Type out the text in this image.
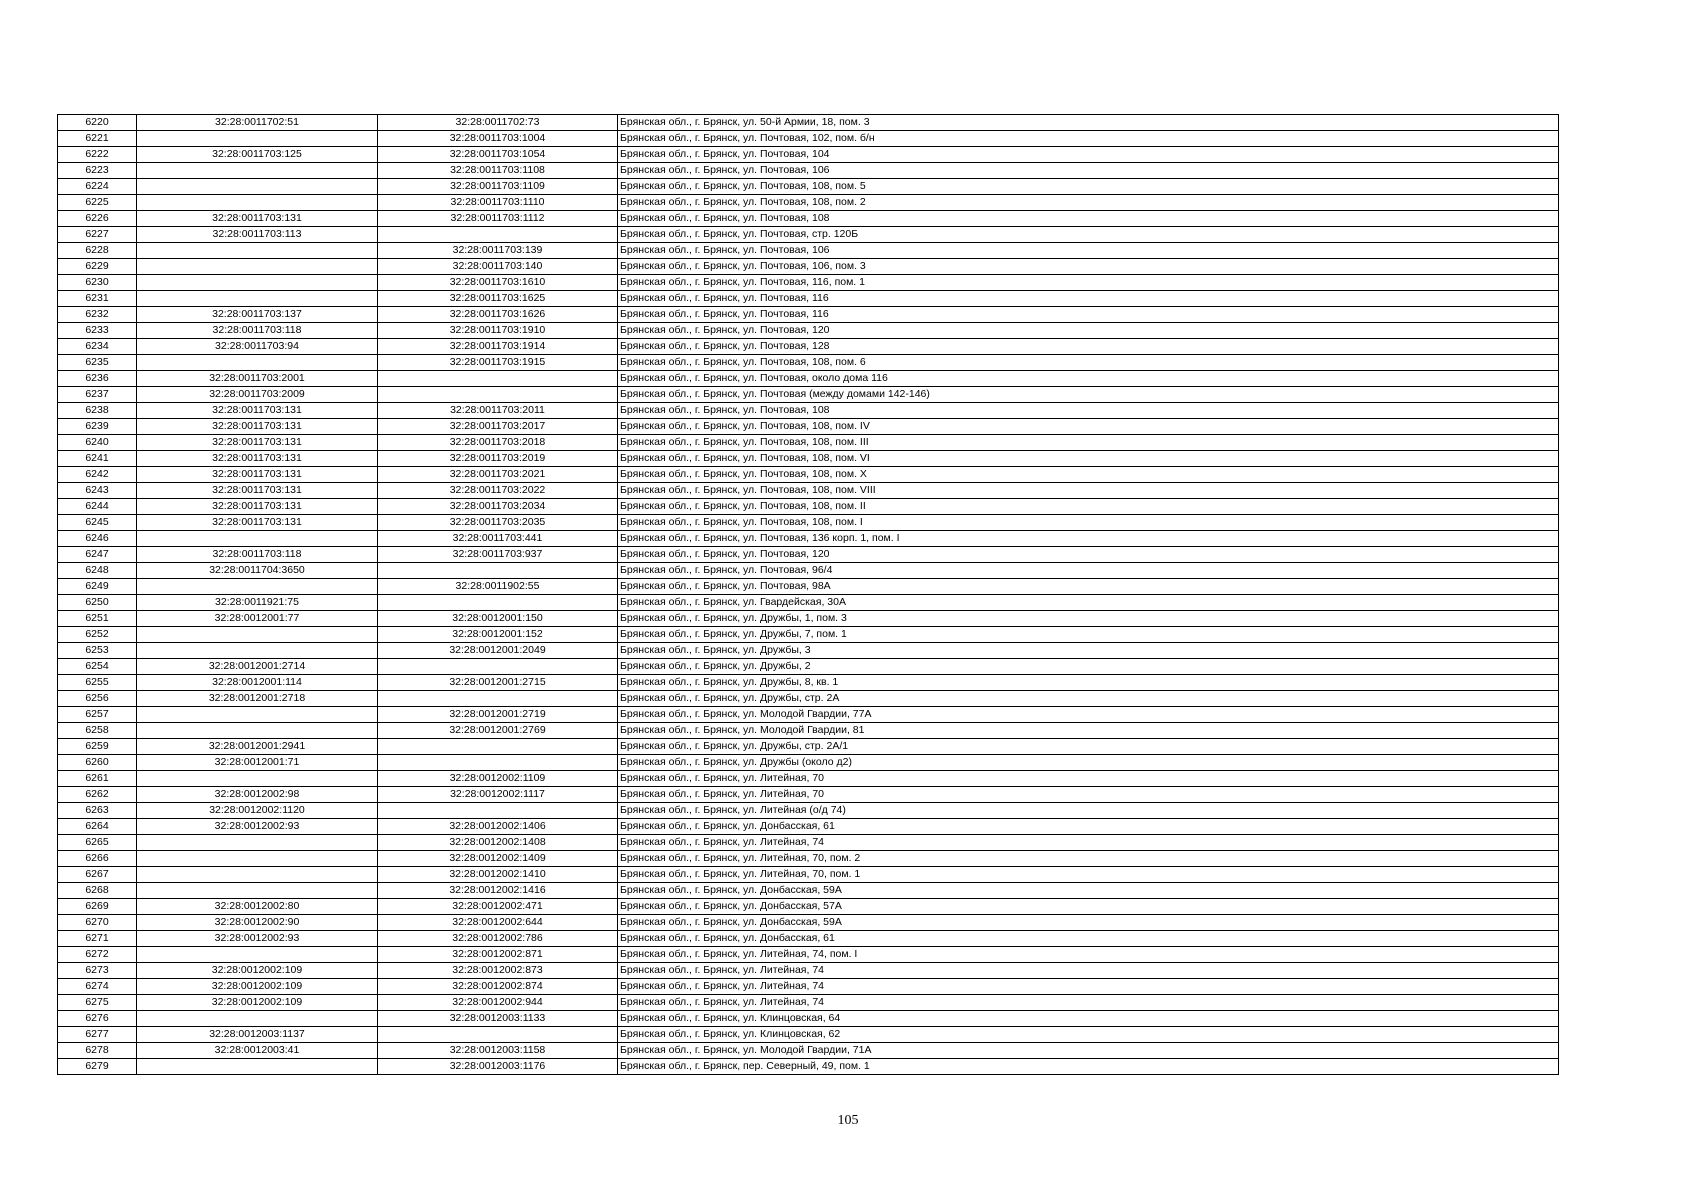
6220	32:28:0011702:51	32:28:0011702:73	Брянская обл., г. Брянск, ул. 50-й Армии, 18, пом. 3
6221		32:28:0011703:1004	Брянская обл., г. Брянск, ул. Почтовая, 102, пом. б/н
6222	32:28:0011703:125	32:28:0011703:1054	Брянская обл., г. Брянск, ул. Почтовая, 104
6223		32:28:0011703:1108	Брянская обл., г. Брянск, ул. Почтовая, 106
6224		32:28:0011703:1109	Брянская обл., г. Брянск, ул. Почтовая, 108, пом. 5
6225		32:28:0011703:1110	Брянская обл., г. Брянск, ул. Почтовая, 108, пом. 2
6226	32:28:0011703:131	32:28:0011703:1112	Брянская обл., г. Брянск, ул. Почтовая, 108
6227	32:28:0011703:113		Брянская обл., г. Брянск, ул. Почтовая, стр. 120Б
6228		32:28:0011703:139	Брянская обл., г. Брянск, ул. Почтовая, 106
6229		32:28:0011703:140	Брянская обл., г. Брянск, ул. Почтовая, 106, пом. 3
6230		32:28:0011703:1610	Брянская обл., г. Брянск, ул. Почтовая, 116, пом. 1
6231		32:28:0011703:1625	Брянская обл., г. Брянск, ул. Почтовая, 116
6232	32:28:0011703:137	32:28:0011703:1626	Брянская обл., г. Брянск, ул. Почтовая, 116
6233	32:28:0011703:118	32:28:0011703:1910	Брянская обл., г. Брянск, ул. Почтовая, 120
6234	32:28:0011703:94	32:28:0011703:1914	Брянская обл., г. Брянск, ул. Почтовая, 128
6235		32:28:0011703:1915	Брянская обл., г. Брянск, ул. Почтовая, 108, пом. 6
6236	32:28:0011703:2001		Брянская обл., г. Брянск, ул. Почтовая, около дома 116
6237	32:28:0011703:2009		Брянская обл., г. Брянск, ул. Почтовая (между домами 142-146)
6238	32:28:0011703:131	32:28:0011703:2011	Брянская обл., г. Брянск, ул. Почтовая, 108
6239	32:28:0011703:131	32:28:0011703:2017	Брянская обл., г. Брянск, ул. Почтовая, 108, пом. IV
6240	32:28:0011703:131	32:28:0011703:2018	Брянская обл., г. Брянск, ул. Почтовая, 108, пом. III
6241	32:28:0011703:131	32:28:0011703:2019	Брянская обл., г. Брянск, ул. Почтовая, 108, пом. VI
6242	32:28:0011703:131	32:28:0011703:2021	Брянская обл., г. Брянск, ул. Почтовая, 108, пом. X
6243	32:28:0011703:131	32:28:0011703:2022	Брянская обл., г. Брянск, ул. Почтовая, 108, пом. VIII
6244	32:28:0011703:131	32:28:0011703:2034	Брянская обл., г. Брянск, ул. Почтовая, 108, пом. II
6245	32:28:0011703:131	32:28:0011703:2035	Брянская обл., г. Брянск, ул. Почтовая, 108, пом. I
6246		32:28:0011703:441	Брянская обл., г. Брянск, ул. Почтовая, 136 корп. 1, пом. I
6247	32:28:0011703:118	32:28:0011703:937	Брянская обл., г. Брянск, ул. Почтовая, 120
6248	32:28:0011704:3650		Брянская обл., г. Брянск, ул. Почтовая, 96/4
6249		32:28:0011902:55	Брянская обл., г. Брянск, ул. Почтовая, 98А
6250	32:28:0011921:75		Брянская обл., г. Брянск, ул. Гвардейская, 30А
6251	32:28:0012001:77	32:28:0012001:150	Брянская обл., г. Брянск, ул. Дружбы, 1, пом. 3
6252		32:28:0012001:152	Брянская обл., г. Брянск, ул. Дружбы, 7, пом. 1
6253		32:28:0012001:2049	Брянская обл., г. Брянск, ул. Дружбы, 3
6254	32:28:0012001:2714		Брянская обл., г. Брянск, ул. Дружбы, 2
6255	32:28:0012001:114	32:28:0012001:2715	Брянская обл., г. Брянск, ул. Дружбы, 8, кв. 1
6256	32:28:0012001:2718		Брянская обл., г. Брянск, ул. Дружбы, стр. 2А
6257		32:28:0012001:2719	Брянская обл., г. Брянск, ул. Молодой Гвардии, 77А
6258		32:28:0012001:2769	Брянская обл., г. Брянск, ул. Молодой Гвардии, 81
6259	32:28:0012001:2941		Брянская обл., г. Брянск, ул. Дружбы, стр. 2А/1
6260	32:28:0012001:71		Брянская обл., г. Брянск, ул. Дружбы (около д2)
6261		32:28:0012002:1109	Брянская обл., г. Брянск, ул. Литейная, 70
6262	32:28:0012002:98	32:28:0012002:1117	Брянская обл., г. Брянск, ул. Литейная, 70
6263	32:28:0012002:1120		Брянская обл., г. Брянск, ул. Литейная (о/д 74)
6264	32:28:0012002:93	32:28:0012002:1406	Брянская обл., г. Брянск, ул. Донбасская, 61
6265		32:28:0012002:1408	Брянская обл., г. Брянск, ул. Литейная, 74
6266		32:28:0012002:1409	Брянская обл., г. Брянск, ул. Литейная, 70, пом. 2
6267		32:28:0012002:1410	Брянская обл., г. Брянск, ул. Литейная, 70, пом. 1
6268		32:28:0012002:1416	Брянская обл., г. Брянск, ул. Донбасская, 59А
6269	32:28:0012002:80	32:28:0012002:471	Брянская обл., г. Брянск, ул. Донбасская, 57А
6270	32:28:0012002:90	32:28:0012002:644	Брянская обл., г. Брянск, ул. Донбасская, 59А
6271	32:28:0012002:93	32:28:0012002:786	Брянская обл., г. Брянск, ул. Донбасская, 61
6272		32:28:0012002:871	Брянская обл., г. Брянск, ул. Литейная, 74, пом. I
6273	32:28:0012002:109	32:28:0012002:873	Брянская обл., г. Брянск, ул. Литейная, 74
6274	32:28:0012002:109	32:28:0012002:874	Брянская обл., г. Брянск, ул. Литейная, 74
6275	32:28:0012002:109	32:28:0012002:944	Брянская обл., г. Брянск, ул. Литейная, 74
6276		32:28:0012003:1133	Брянская обл., г. Брянск, ул. Клинцовская, 64
6277	32:28:0012003:1137		Брянская обл., г. Брянск, ул. Клинцовская, 62
6278	32:28:0012003:41	32:28:0012003:1158	Брянская обл., г. Брянск, ул. Молодой Гвардии, 71А
6279		32:28:0012003:1176	Брянская обл., г. Брянск, пер. Северный, 49, пом. 1
105
